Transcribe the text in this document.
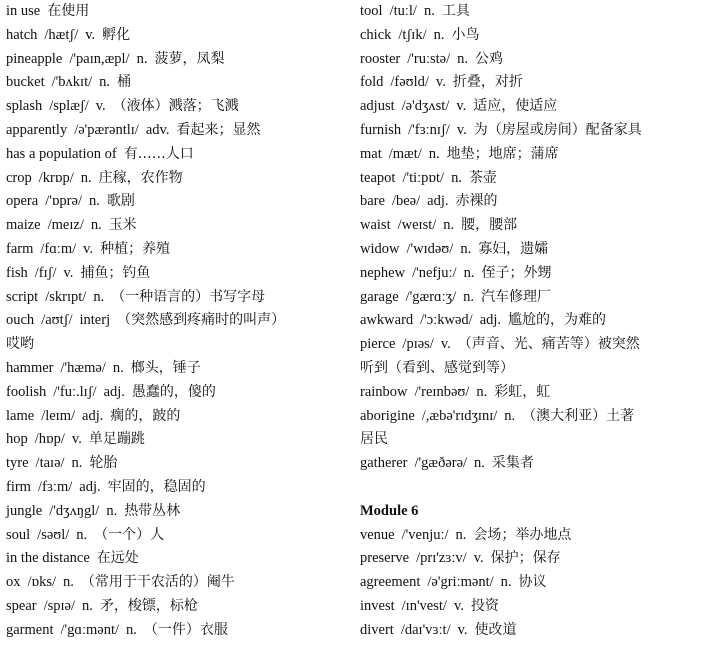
in use 在使用
hatch /hætʃ/ v. 孵化
pineapple /'paɪn,æpl/ n. 菠萝，凤梨
bucket /'bʌkɪt/ n. 桶
splash /splæʃ/ v. （液体）溅落；飞溅
apparently /ə'pærəntlɪ/ adv. 看起来；显然
has a population of 有……人口
crop /krɒp/ n. 庄稼，农作物
opera /'ɒprə/ n. 歌剧
maize /meɪz/ n. 玉米
farm /fɑːm/ v. 种植；养殖
fish /fɪʃ/ v. 捕鱼；钓鱼
script /skrɪpt/ n. （一种语言的）书写字母
ouch /aʊtʃ/ interj （突然感到疼痛时的叫声）
哎哟
hammer /'hæmə/ n. 榔头，锤子
foolish /'fuː.lɪʃ/ adj. 愚蠢的，傻的
lame /leɪm/ adj. 瘸的，跛的
hop /hɒp/ v. 单足蹦跳
tyre /taɪə/ n. 轮胎
firm /fɜːm/ adj. 牢固的，稳固的
jungle /'dʒʌŋgl/ n. 热带丛林
soul /səʊl/ n. （一个）人
in the distance 在远处
ox /ɒks/ n. （常用于干农活的）阉牛
spear /spɪə/ n. 矛，梭镖，标枪
garment /'gɑːmənt/ n. （一件）衣服
tool /tuːl/ n. 工具
chick /tʃɪk/ n. 小鸟
rooster /'ruːstə/ n. 公鸡
fold /fəʊld/ v. 折叠，对折
adjust /ə'dʒʌst/ v. 适应，使适应
furnish /'fɜːnɪʃ/ v. 为（房屋或房间）配备家具
mat /mæt/ n. 地垫；地席；蒲席
teapot /'tiːpɒt/ n. 茶壶
bare /beə/ adj. 赤裸的
waist /weɪst/ n. 腰，腰部
widow /'wɪdəʊ/ n. 寡妇，遗孀
nephew /'nefjuː/ n. 侄子；外甥
garage /'gærɑːʒ/ n. 汽车修理厂
awkward /'ɔːkwəd/ adj. 尴尬的，为难的
pierce /pɪəs/ v. （声音、光、痛苦等）被突然
听到（看到、感觉到等）
rainbow /'reɪnbəʊ/ n. 彩虹，虹
aborigine /,æbə'rɪdʒɪnɪ/ n. （澳大利亚）土著
居民
gatherer /'gæðərə/ n. 采集者
Module 6
venue /'venjuː/ n. 会场；举办地点
preserve /prɪ'zɜːv/ v. 保护；保存
agreement /ə'griːmənt/ n. 协议
invest /ɪn'vest/ v. 投资
divert /daɪ'vɜːt/ v. 使改道
